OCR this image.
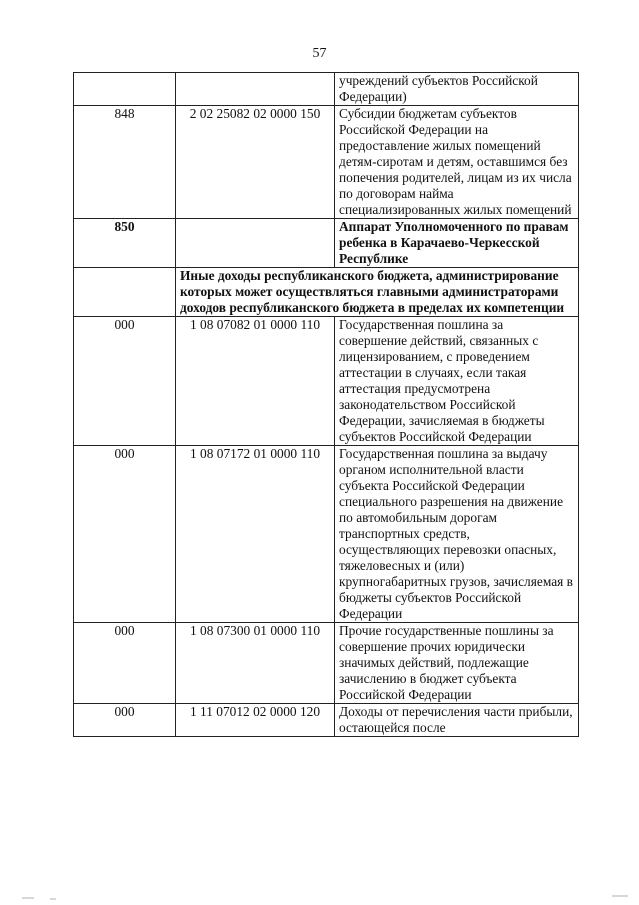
57
		учреждений субъектов Российской Федерации)
848	2 02 25082 02 0000 150	Субсидии бюджетам субъектов Российской Федерации на предоставление жилых помещений детям-сиротам и детям, оставшимся без попечения родителей, лицам из их числа по договорам найма специализированных жилых помещений
850		Аппарат Уполномоченного по правам ребенка в Карачаево-Черкесской Республике
	Иные доходы республиканского бюджета, администрирование которых может осуществляться главными администраторами доходов республиканского бюджета в пределах их компетенции	
000	1 08 07082 01 0000 110	Государственная пошлина за совершение действий, связанных с лицензированием, с проведением аттестации в случаях, если такая аттестация предусмотрена законодательством Российской Федерации, зачисляемая в бюджеты субъектов Российской Федерации
000	1 08 07172 01 0000 110	Государственная пошлина за выдачу органом исполнительной власти субъекта Российской Федерации специального разрешения на движение по автомобильным дорогам транспортных средств, осуществляющих перевозки опасных, тяжеловесных и (или) крупногабаритных грузов, зачисляемая в бюджеты субъектов Российской Федерации
000	1 08 07300 01 0000 110	Прочие государственные пошлины за совершение прочих юридически значимых действий, подлежащие зачислению в бюджет субъекта Российской Федерации
000	1 11 07012 02 0000 120	Доходы от перечисления части прибыли, остающейся после
